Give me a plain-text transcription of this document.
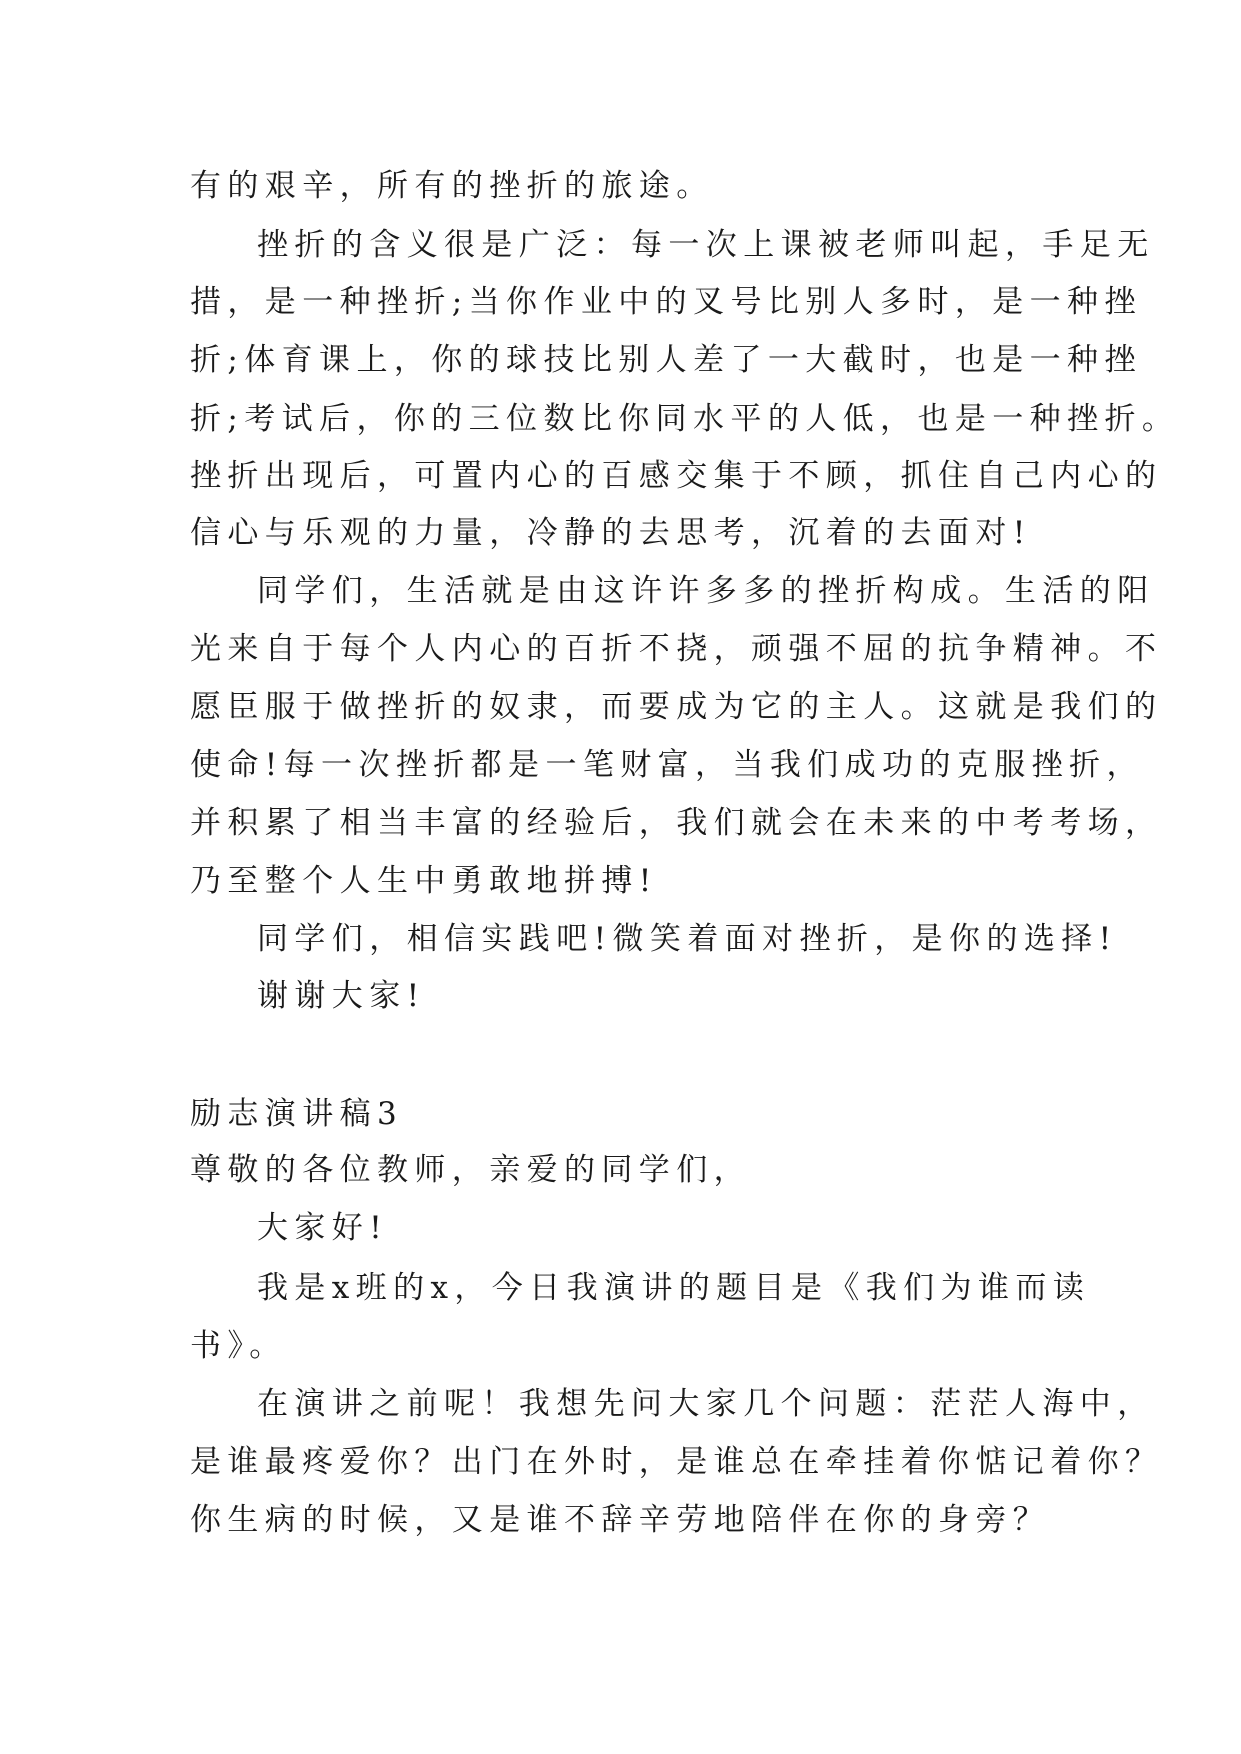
有的艰辛，所有的挫折的旅途。
挫折的含义很是广泛：每一次上课被老师叫起，手足无
措，是一种挫折;当你作业中的叉号比别人多时，是一种挫
折;体育课上，你的球技比别人差了一大截时，也是一种挫
折;考试后，你的三位数比你同水平的人低，也是一种挫折。
挫折出现后，可置内心的百感交集于不顾，抓住自己内心的
信心与乐观的力量，冷静的去思考，沉着的去面对!
同学们，生活就是由这许许多多的挫折构成。生活的阳
光来自于每个人内心的百折不挠，顽强不屈的抗争精神。不
愿臣服于做挫折的奴隶，而要成为它的主人。这就是我们的
使命!每一次挫折都是一笔财富，当我们成功的克服挫折，
并积累了相当丰富的经验后，我们就会在未来的中考考场，
乃至整个人生中勇敢地拼搏!
同学们，相信实践吧!微笑着面对挫折，是你的选择!
谢谢大家!
励志演讲稿3
尊敬的各位教师，亲爱的同学们，
大家好!
我是x班的x，今日我演讲的题目是《我们为谁而读
书》。
在演讲之前呢！我想先问大家几个问题：茫茫人海中，
是谁最疼爱你？出门在外时，是谁总在牵挂着你惦记着你？
你生病的时候，又是谁不辞辛劳地陪伴在你的身旁？
